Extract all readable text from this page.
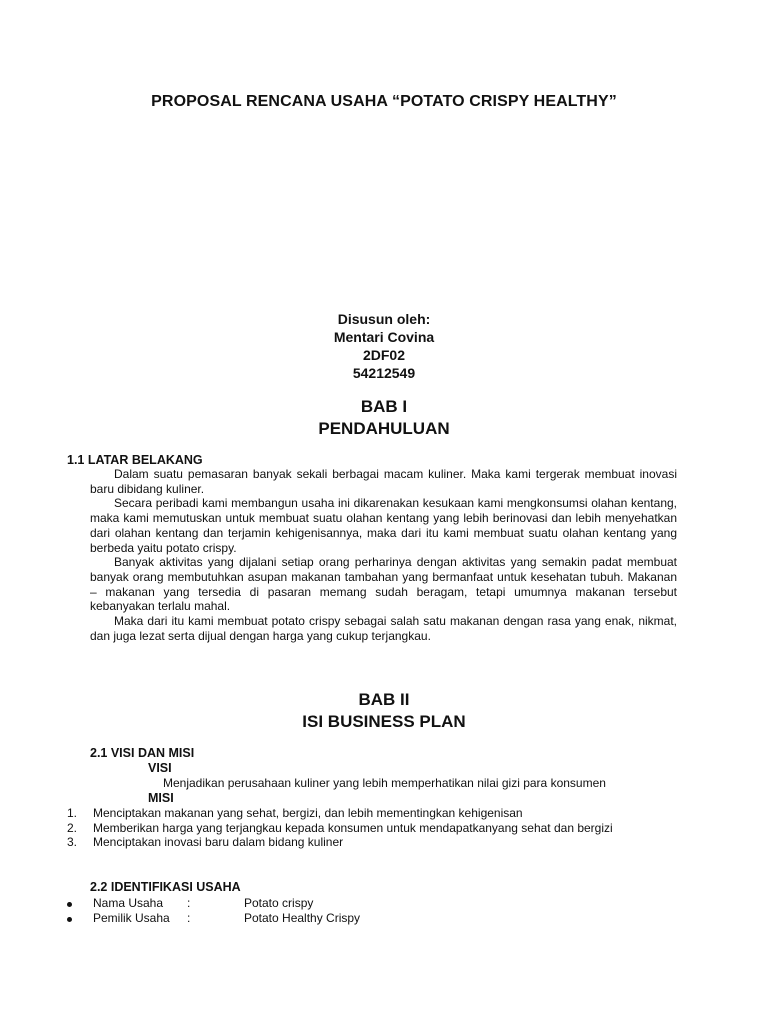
PROPOSAL RENCANA USAHA “POTATO CRISPY HEALTHY”
Disusun oleh:
Mentari Covina
2DF02
54212549
BAB I
PENDAHULUAN
1.1 LATAR BELAKANG

Dalam suatu pemasaran banyak sekali berbagai macam kuliner. Maka kami tergerak membuat inovasi baru dibidang kuliner.

Secara peribadi kami membangun usaha ini dikarenakan kesukaan kami mengkonsumsi olahan kentang, maka kami memutuskan untuk membuat suatu olahan kentang yang lebih berinovasi dan lebih menyehatkan dari olahan kentang dan terjamin kehigenisannya, maka dari itu kami membuat suatu olahan kentang yang berbeda yaitu potato crispy.

Banyak aktivitas yang dijalani setiap orang perharinya dengan aktivitas yang semakin padat membuat banyak orang membutuhkan asupan makanan tambahan yang bermanfaat untuk kesehatan tubuh. Makanan – makanan yang tersedia di pasaran memang sudah beragam, tetapi umumnya makanan tersebut kebanyakan terlalu mahal.

Maka dari itu kami membuat potato crispy sebagai salah satu makanan dengan rasa yang enak, nikmat, dan juga lezat serta dijual dengan harga yang cukup terjangkau.

BAB II
ISI BUSINESS PLAN
2.1 VISI DAN MISI
VISI
Menjadikan perusahaan kuliner yang lebih memperhatikan nilai gizi para konsumen
MISI
1. Menciptakan makanan yang sehat, bergizi, dan lebih mementingkan kehigenisan
2. Memberikan harga yang terjangkau kepada konsumen untuk mendapatkanyang sehat dan bergizi
3. Menciptakan inovasi baru dalam bidang kuliner
2.2 IDENTIFIKASI USAHA
Nama Usaha :	Potato crispy
Pemilik Usaha :	Potato Healthy Crispy
